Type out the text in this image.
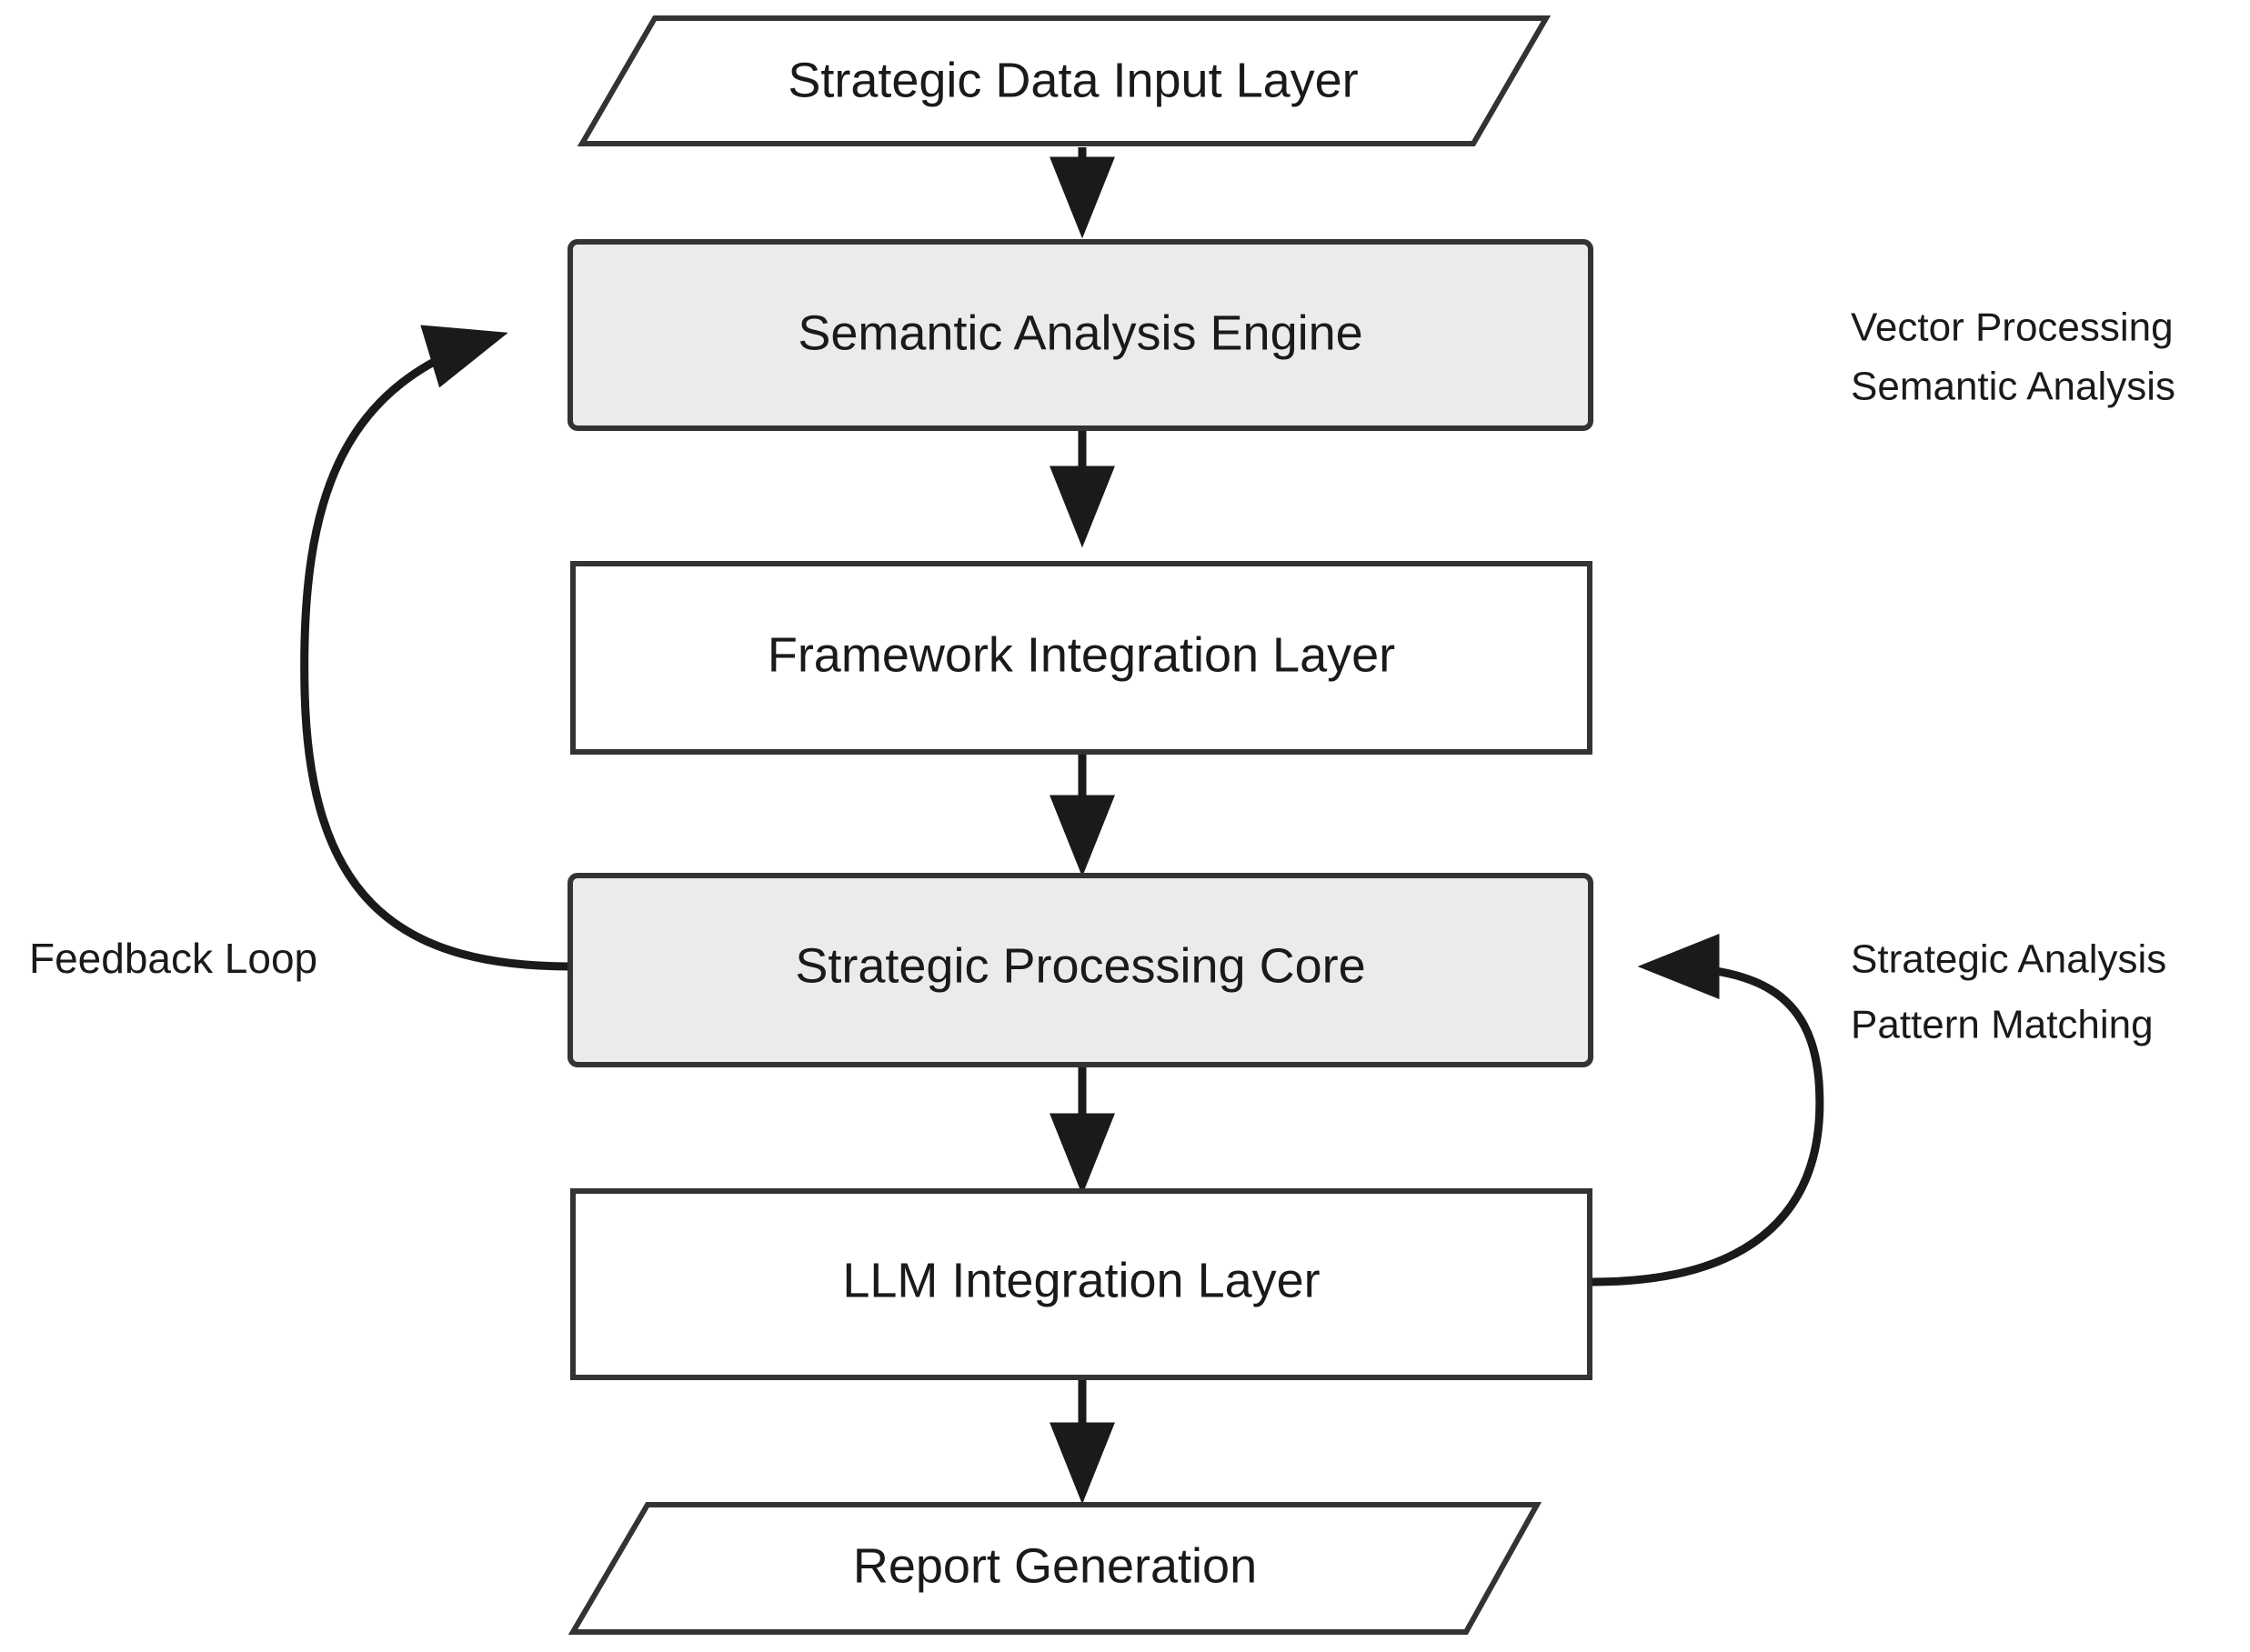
Strategic Data Input Layer
Semantic Analysis Engine
Framework Integration Layer
Strategic Processing Core
LLM Integration Layer
Report Generation
Feedback Loop
Vector Processing
Semantic Analysis
Strategic Analysis
Pattern Matching
